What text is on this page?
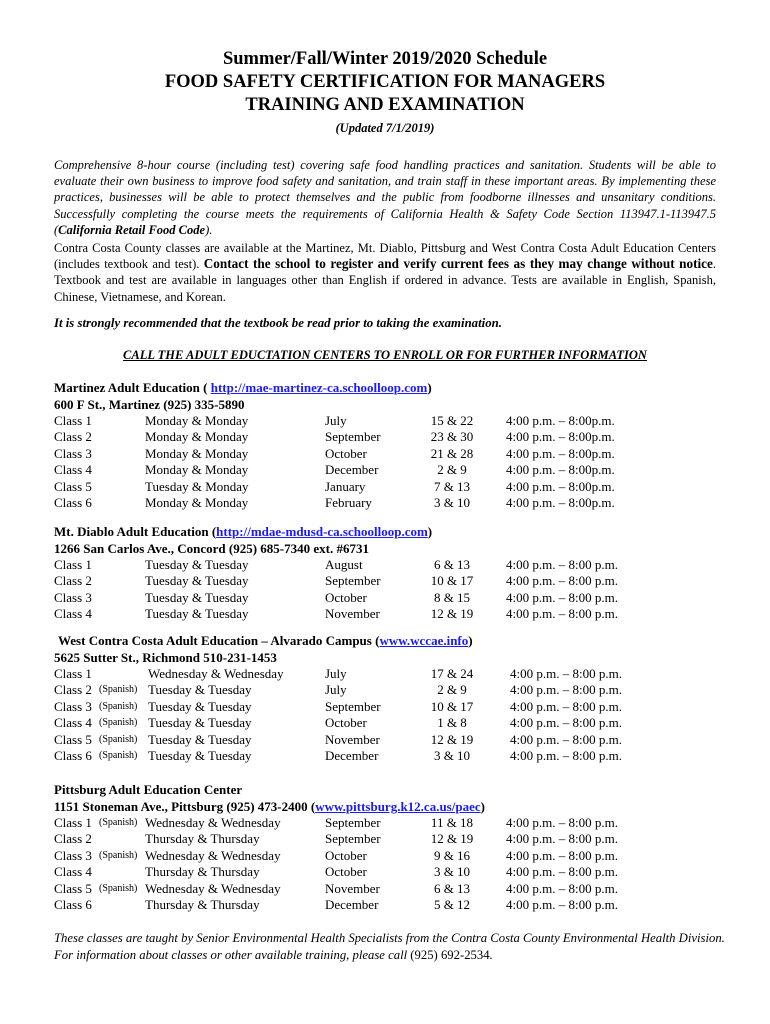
Summer/Fall/Winter 2019/2020 Schedule
FOOD SAFETY CERTIFICATION FOR MANAGERS
TRAINING AND EXAMINATION
(Updated 7/1/2019)
Comprehensive 8-hour course (including test) covering safe food handling practices and sanitation. Students will be able to evaluate their own business to improve food safety and sanitation, and train staff in these important areas. By implementing these practices, businesses will be able to protect themselves and the public from foodborne illnesses and unsanitary conditions. Successfully completing the course meets the requirements of California Health & Safety Code Section 113947.1-113947.5 (California Retail Food Code).
Contra Costa County classes are available at the Martinez, Mt. Diablo, Pittsburg and West Contra Costa Adult Education Centers (includes textbook and test). Contact the school to register and verify current fees as they may change without notice. Textbook and test are available in languages other than English if ordered in advance. Tests are available in English, Spanish, Chinese, Vietnamese, and Korean.
It is strongly recommended that the textbook be read prior to taking the examination.
CALL THE ADULT EDUCTATION CENTERS TO ENROLL OR FOR FURTHER INFORMATION
Martinez Adult Education ( http://mae-martinez-ca.schoolloop.com)
600 F St., Martinez (925) 335-5890
Class 1	Monday & Monday	July	15 & 22	4:00 p.m. – 8:00p.m.
Class 2	Monday & Monday	September	23 & 30	4:00 p.m. – 8:00p.m.
Class 3	Monday & Monday	October	21 & 28	4:00 p.m. – 8:00p.m.
Class 4	Monday & Monday	December	2 & 9	4:00 p.m. – 8:00p.m.
Class 5	Tuesday & Monday	January	7 & 13	4:00 p.m. – 8:00p.m.
Class 6	Monday & Monday	February	3 & 10	4:00 p.m. – 8:00p.m.
Mt. Diablo Adult Education (http://mdae-mdusd-ca.schoolloop.com)
1266 San Carlos Ave., Concord (925) 685-7340 ext. #6731
Class 1	Tuesday & Tuesday	August	6 & 13	4:00 p.m. – 8:00 p.m.
Class 2	Tuesday & Tuesday	September	10 & 17	4:00 p.m. – 8:00 p.m.
Class 3	Tuesday & Tuesday	October	8 & 15	4:00 p.m. – 8:00 p.m.
Class 4	Tuesday & Tuesday	November	12 & 19	4:00 p.m. – 8:00 p.m.
West Contra Costa Adult Education – Alvarado Campus (www.wccae.info)
5625 Sutter St., Richmond 510-231-1453
Class 1	Wednesday & Wednesday	July	17 & 24	4:00 p.m. – 8:00 p.m.
Class 2 (Spanish) Tuesday & Tuesday	July	2 & 9	4:00 p.m. – 8:00 p.m.
Class 3 (Spanish) Tuesday & Tuesday	September	10 & 17	4:00 p.m. – 8:00 p.m.
Class 4 (Spanish) Tuesday & Tuesday	October	1 & 8	4:00 p.m. – 8:00 p.m.
Class 5 (Spanish) Tuesday & Tuesday	November	12 & 19	4:00 p.m. – 8:00 p.m.
Class 6 (Spanish) Tuesday & Tuesday	December	3 & 10	4:00 p.m. – 8:00 p.m.
Pittsburg Adult Education Center
1151 Stoneman Ave., Pittsburg (925) 473-2400 (www.pittsburg.k12.ca.us/paec)
Class 1 (Spanish) Wednesday & Wednesday	September	11 & 18	4:00 p.m. – 8:00 p.m.
Class 2	Thursday & Thursday	September	12 & 19	4:00 p.m. – 8:00 p.m.
Class 3 (Spanish) Wednesday & Wednesday	October	9 & 16	4:00 p.m. – 8:00 p.m.
Class 4	Thursday & Thursday	October	3 & 10	4:00 p.m. – 8:00 p.m.
Class 5 (Spanish) Wednesday & Wednesday	November	6 & 13	4:00 p.m. – 8:00 p.m.
Class 6	Thursday & Thursday	December	5 & 12	4:00 p.m. – 8:00 p.m.
These classes are taught by Senior Environmental Health Specialists from the Contra Costa County Environmental Health Division. For information about classes or other available training, please call (925) 692-2534.
